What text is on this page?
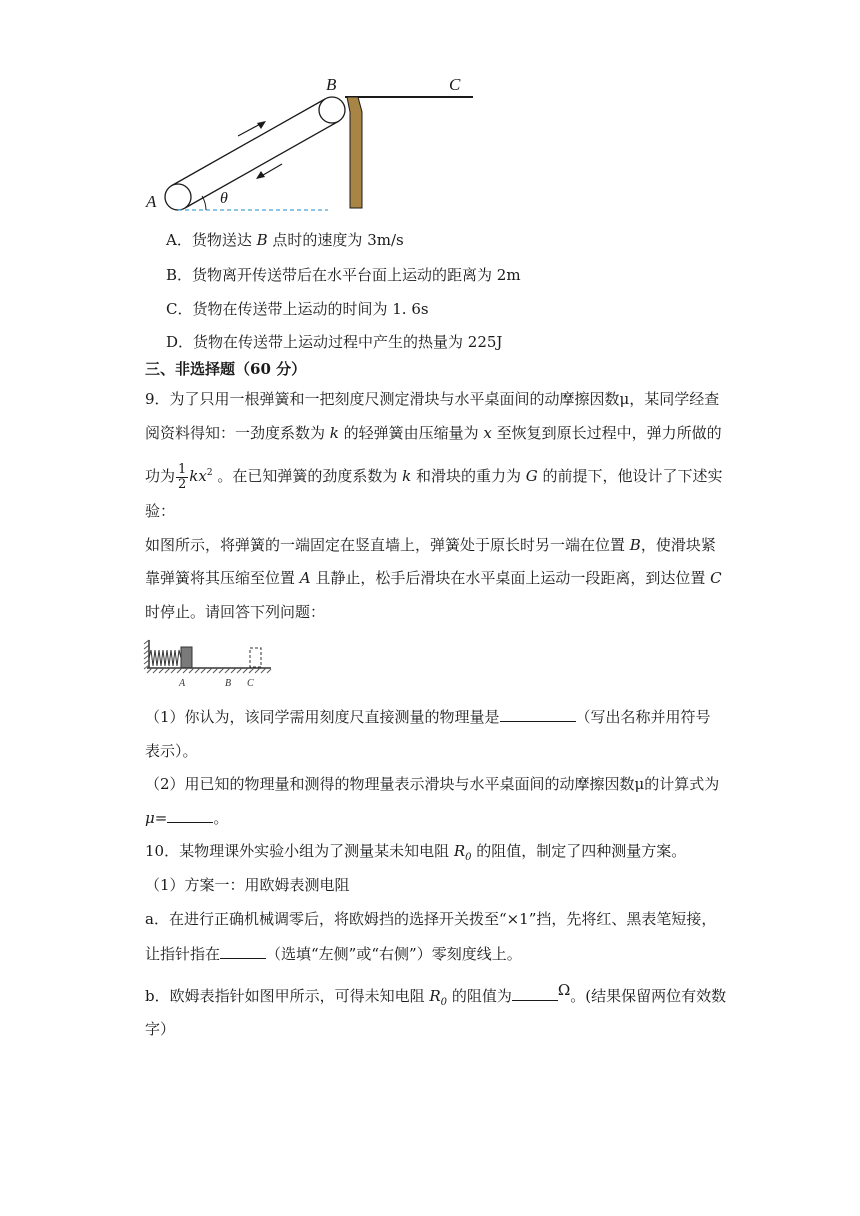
A
B	C
θ
A．货物送达 B 点时的速度为 3m/s
B．货物离开传送带后在水平台面上运动的距离为 2m
C．货物在传送带上运动的时间为 1. 6s
D．货物在传送带上运动过程中产生的热量为 225J
三、非选择题（60 分）
9．为了只用一根弹簧和一把刻度尺测定滑块与水平桌面间的动摩擦因数μ，某同学经查
阅资料得知：一劲度系数为 k 的轻弹簧由压缩量为 x 至恢复到原长过程中，弹力所做的
功为 $\frac{1}{2} kx^2$ 。在已知弹簧的劲度系数为 k 和滑块的重力为 G 的前提下，他设计了下述实
验：
如图所示，将弹簧的一端固定在竖直墙上，弹簧处于原长时另一端在位置 B，使滑块紧
靠弹簧将其压缩至位置 A 且静止，松手后滑块在水平桌面上运动一段距离，到达位置 C
时停止。请回答下列问题：
A	B C
（1）你认为，该同学需用刻度尺直接测量的物理量是	（写出名称并用符号
表示）。
（2）用已知的物理量和测得的物理量表示滑块与水平桌面间的动摩擦因数μ的计算式为
μ=	。
10．某物理课外实验小组为了测量某未知电阻 $R_0$ 的阻值，制定了四种测量方案。
（1）方案一：用欧姆表测电阻
a．在进行正确机械调零后，将欧姆挡的选择开关拨至“×1”挡，先将红、黑表笔短接，
让指针指在	（选填“左侧”或“右侧”）零刻度线上。
b．欧姆表指针如图甲所示，可得未知电阻 $R_0$ 的阻值为	Ω。(结果保留两位有效数
字）
